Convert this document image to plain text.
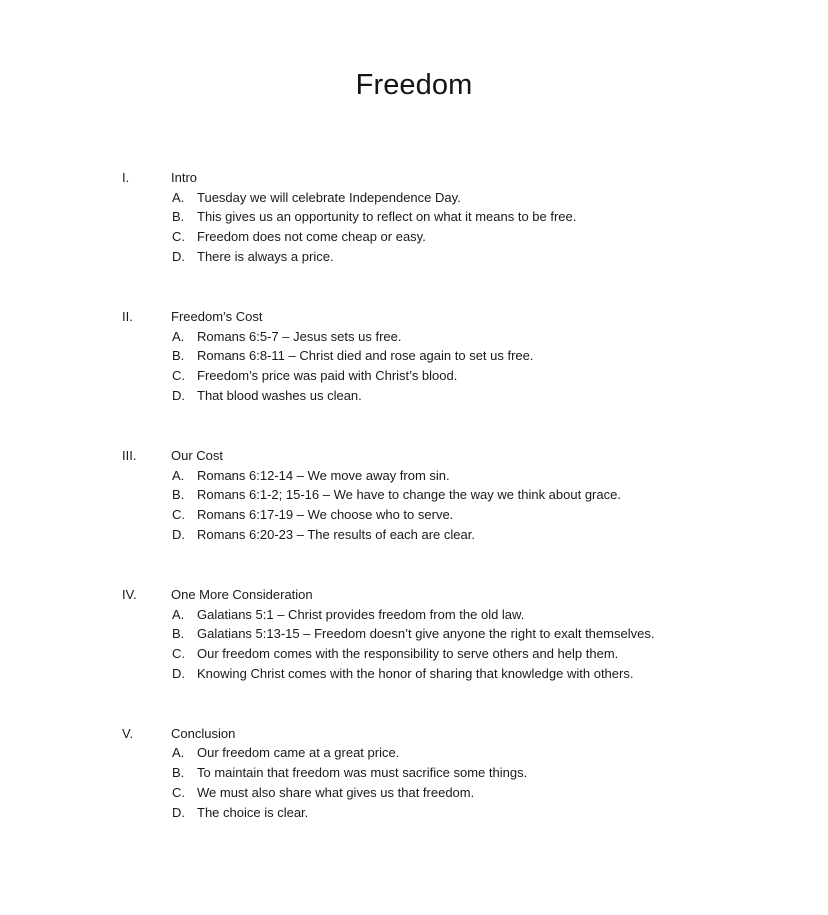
Freedom
I.	Intro
A. Tuesday we will celebrate Independence Day.
B. This gives us an opportunity to reflect on what it means to be free.
C. Freedom does not come cheap or easy.
D. There is always a price.
II.	Freedom’s Cost
A. Romans 6:5-7 – Jesus sets us free.
B. Romans 6:8-11 – Christ died and rose again to set us free.
C. Freedom’s price was paid with Christ’s blood.
D. That blood washes us clean.
III.	Our Cost
A. Romans 6:12-14 – We move away from sin.
B. Romans 6:1-2; 15-16 – We have to change the way we think about grace.
C. Romans 6:17-19 – We choose who to serve.
D. Romans 6:20-23 – The results of each are clear.
IV.	One More Consideration
A. Galatians 5:1 – Christ provides freedom from the old law.
B. Galatians 5:13-15 – Freedom doesn’t give anyone the right to exalt themselves.
C. Our freedom comes with the responsibility to serve others and help them.
D. Knowing Christ comes with the honor of sharing that knowledge with others.
V.	Conclusion
A. Our freedom came at a great price.
B. To maintain that freedom was must sacrifice some things.
C. We must also share what gives us that freedom.
D. The choice is clear.
